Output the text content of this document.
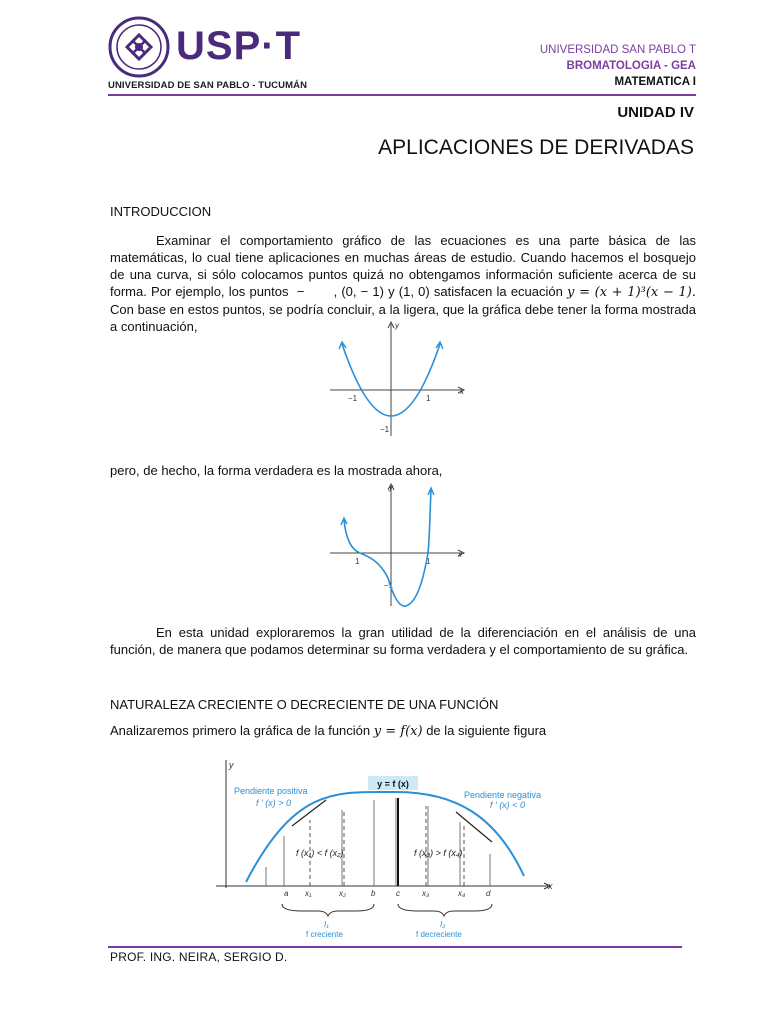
USP·T
UNIVERSIDAD DE SAN PABLO - TUCUMÁN
UNIVERSIDAD SAN PABLO T
BROMATOLOGIA - GEA
MATEMATICA I
UNIDAD IV
APLICACIONES DE DERIVADAS
INTRODUCCION

Examinar el comportamiento gráfico de las ecuaciones es una parte básica de las matemáticas, lo cual tiene aplicaciones en muchas áreas de estudio. Cuando hacemos el bosquejo de una curva, si sólo colocamos puntos quizá no obtengamos información suficiente acerca de su forma. Por ejemplo, los puntos  −       , (0, − 1) y (1, 0) satisfacen la ecuación y = (x + 1)³(x − 1). Con base en estos puntos, se podría concluir, a la ligera, que la gráfica debe tener la forma mostrada a continuación,	y
x
−1	1
−1

pero, de hecho, la forma verdadera es la mostrada ahora,

y
x
1	1
−1

En esta unidad exploraremos la gran utilidad de la diferenciación en el análisis de una función, de manera que podamos determinar su forma verdadera y el comportamiento de su gráfica.

NATURALEZA CRECIENTE O DECRECIENTE DE UNA FUNCIÓN

Analizaremos primero la gráfica de la función y = f(x) de la siguiente figura

y = f (x)
y
x
Pendiente positiva
f ′ (x) > 0
Pendiente negativa
f ′ (x) < 0
f (x₁) < f (x₂)	f (x₃) > f (x₄)
a x₁	x₂	b	c	x₃	x₄	d
I₁
f creciente
I₂
f decreciente
PROF. ING. NEIRA, SERGIO D.
